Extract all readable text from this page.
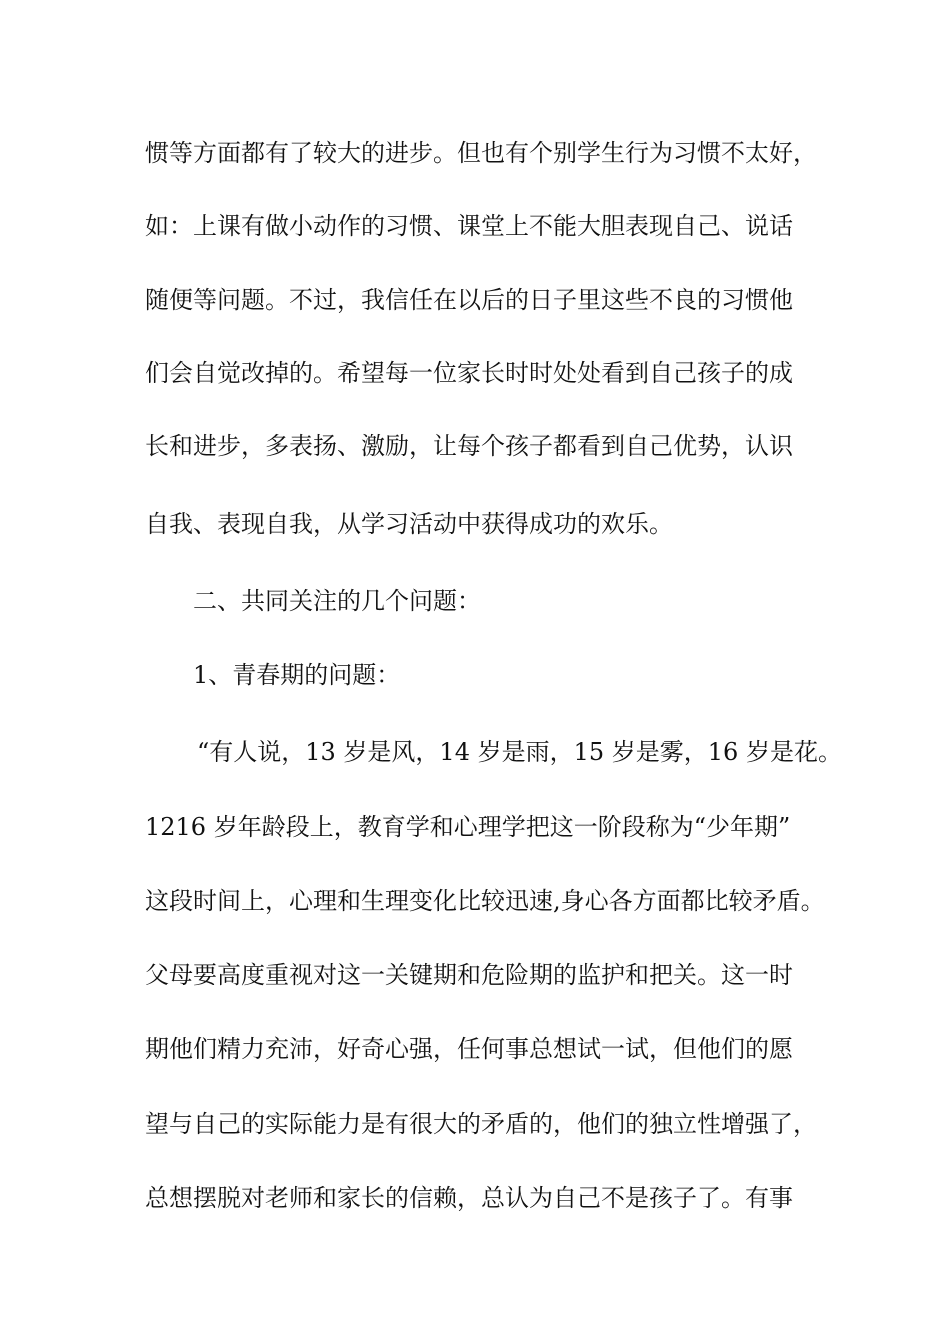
惯等方面都有了较大的进步。但也有个别学生行为习惯不太好，
如：上课有做小动作的习惯、课堂上不能大胆表现自己、说话
随便等问题。不过，我信任在以后的日子里这些不良的习惯他
们会自觉改掉的。希望每一位家长时时处处看到自己孩子的成
长和进步，多表扬、激励，让每个孩子都看到自己优势，认识
自我、表现自我，从学习活动中获得成功的欢乐。
二、共同关注的几个问题：
1、青春期的问题：
“有人说，13 岁是风，14 岁是雨，15 岁是雾，16 岁是花。
1216 岁年龄段上，教育学和心理学把这一阶段称为“少年期”
这段时间上，心理和生理变化比较迅速,身心各方面都比较矛盾。
父母要高度重视对这一关键期和危险期的监护和把关。这一时
期他们精力充沛，好奇心强，任何事总想试一试，但他们的愿
望与自己的实际能力是有很大的矛盾的，他们的独立性增强了，
总想摆脱对老师和家长的信赖，总认为自己不是孩子了。有事
